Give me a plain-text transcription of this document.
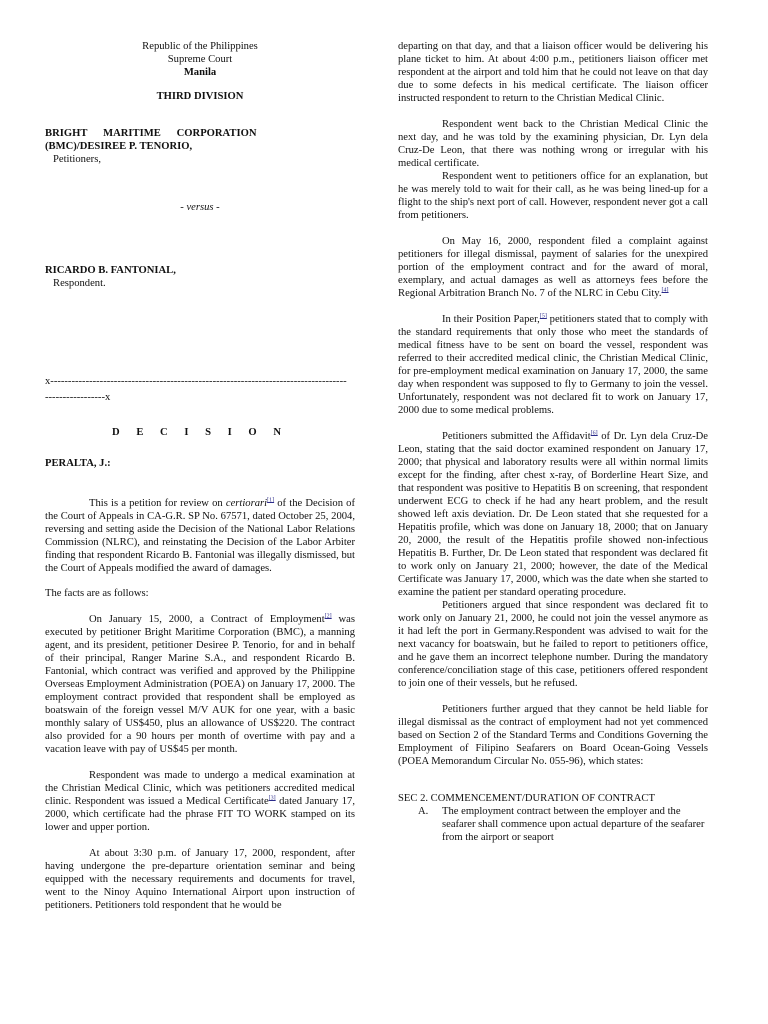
Republic of the Philippines

Supreme Court

Manila

THIRD DIVISION

BRIGHT      MARITIME      CORPORATION

(BMC)/DESIREE P. TENORIO,

Petitioners,

- versus -

RICARDO B. FANTONIAL,

Respondent.

x------------------------------------------------------------------------------------

-----------------x

D E C I S I O N

PERALTA, J.:

This is a petition for review on certiorari[1] of the Decision of the Court of Appeals in CA-G.R. SP No. 67571, dated October 25, 2004, reversing and setting aside the Decision of the National Labor Relations Commission (NLRC), and reinstating the Decision of the Labor Arbiter finding that respondent Ricardo B. Fantonial was illegally dismissed, but the Court of Appeals modified the award of damages.

The facts are as follows:

On January 15, 2000, a Contract of Employment[2] was executed by petitioner Bright Maritime Corporation (BMC), a manning agent, and its president, petitioner Desiree P. Tenorio, for and in behalf of their principal, Ranger Marine S.A., and respondent Ricardo B. Fantonial, which contract was verified and approved by the Philippine Overseas Employment Administration (POEA) on January 17, 2000. The employment contract provided that respondent shall be employed as boatswain of the foreign vessel M/V AUK for one year, with a basic monthly salary of US$450, plus an allowance of US$220. The contract also provided for a 90 hours per month of overtime with pay and a vacation leave with pay of US$45 per month.

Respondent was made to undergo a medical examination at the Christian Medical Clinic, which was petitioners accredited medical clinic. Respondent was issued a Medical Certificate[3] dated January 17, 2000, which certificate had the phrase FIT TO WORK stamped on its lower and upper portion.

At about 3:30 p.m. of January 17, 2000, respondent, after having undergone the pre-departure orientation seminar and being equipped with the necessary requirements and documents for travel, went to the Ninoy Aquino International Airport upon instruction of petitioners. Petitioners told respondent that he would be

departing on that day, and that a liaison officer would be delivering his plane ticket to him. At about 4:00 p.m., petitioners liaison officer met respondent at the airport and told him that he could not leave on that day due to some defects in his medical certificate. The liaison officer instructed respondent to return to the Christian Medical Clinic.

Respondent went back to the Christian Medical Clinic the next day, and he was told by the examining physician, Dr. Lyn dela Cruz-De Leon, that there was nothing wrong or irregular with his medical certificate.

Respondent went to petitioners office for an explanation, but he was merely told to wait for their call, as he was being lined-up for a flight to the ship's next port of call. However, respondent never got a call from petitioners.

On May 16, 2000, respondent filed a complaint against petitioners for illegal dismissal, payment of salaries for the unexpired portion of the employment contract and for the award of moral, exemplary, and actual damages as well as attorneys fees before the Regional Arbitration Branch No. 7 of the NLRC in Cebu City.[4]

In their Position Paper,[5] petitioners stated that to comply with the standard requirements that only those who meet the standards of medical fitness have to be sent on board the vessel, respondent was referred to their accredited medical clinic, the Christian Medical Clinic, for pre-employment medical examination on January 17, 2000, the same day when respondent was supposed to fly to Germany to join the vessel. Unfortunately, respondent was not declared fit to work on January 17, 2000 due to some medical problems.

Petitioners submitted the Affidavit[6] of Dr. Lyn dela Cruz-De Leon, stating that the said doctor examined respondent on January 17, 2000; that physical and laboratory results were all within normal limits except for the finding, after chest x-ray, of Borderline Heart Size, and that respondent was positive to Hepatitis B on screening, that respondent underwent ECG to check if he had any heart problem, and the result showed left axis deviation. Dr. De Leon stated that she requested for a Hepatitis profile, which was done on January 18, 2000; that on January 20, 2000, the result of the Hepatitis profile showed non-infectious Hepatitis B. Further, Dr. De Leon stated that respondent was declared fit to work only on January 21, 2000; however, the date of the Medical Certificate was January 17, 2000, which was the date when she started to examine the patient per standard operating procedure.

Petitioners argued that since respondent was declared fit to work only on January 21, 2000, he could not join the vessel anymore as it had left the port in Germany.Respondent was advised to wait for the next vacancy for boatswain, but he failed to report to petitioners office, and he gave them an incorrect telephone number. During the mandatory conference/conciliation stage of this case, petitioners offered respondent to join one of their vessels, but he refused.

Petitioners further argued that they cannot be held liable for illegal dismissal as the contract of employment had not yet commenced based on Section 2 of the Standard Terms and Conditions Governing the Employment of Filipino Seafarers on Board Ocean-Going Vessels (POEA Memorandum Circular No. 055-96), which states:

SEC 2. COMMENCEMENT/DURATION OF CONTRACT

A.	The employment contract between the employer and the seafarer shall commence upon actual departure of the seafarer from the airport or seaport
